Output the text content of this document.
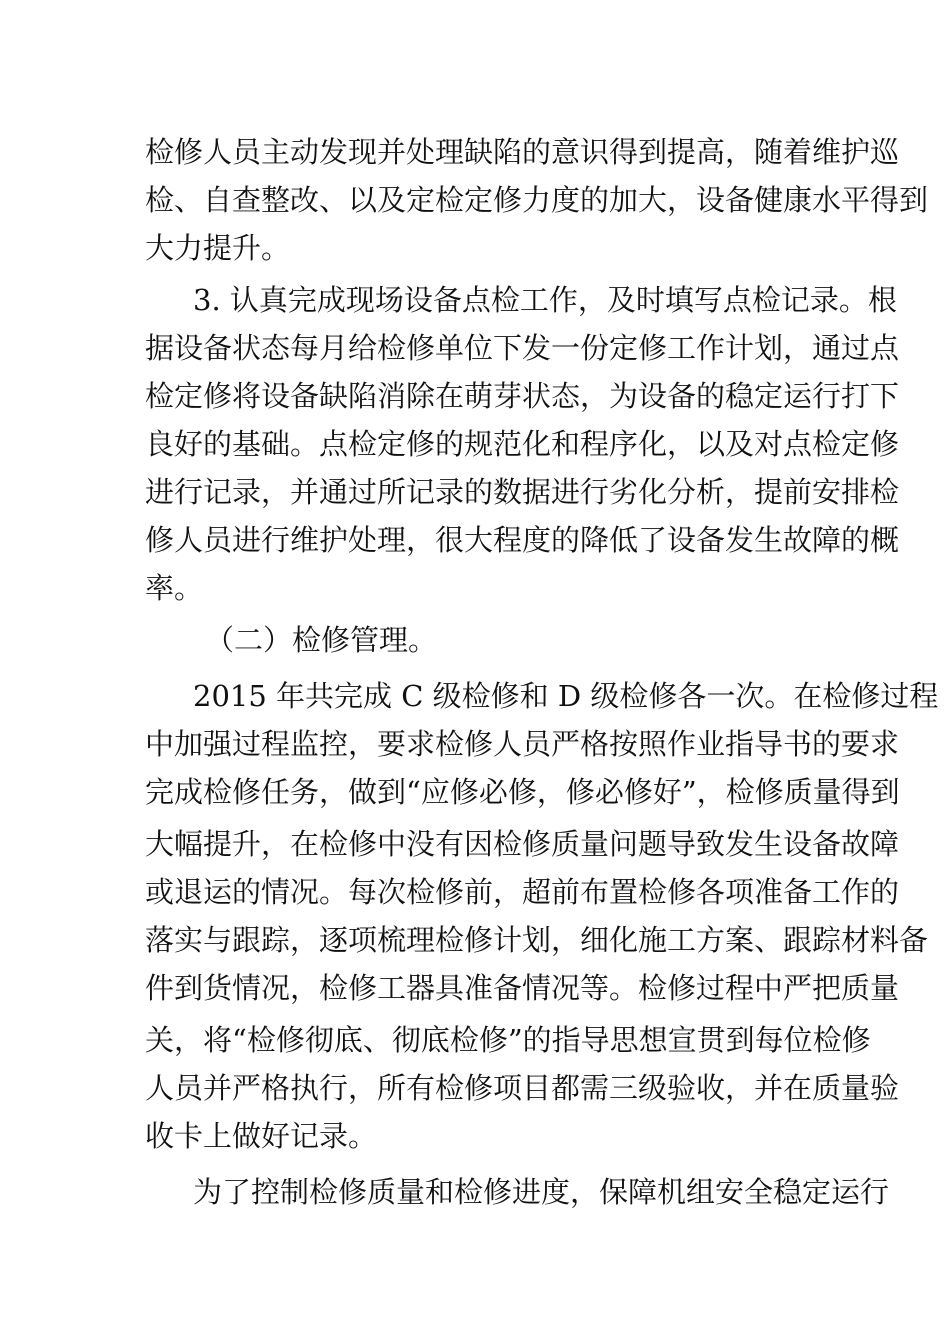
检修人员主动发现并处理缺陷的意识得到提高，随着维护巡
检、自查整改、以及定检定修力度的加大，设备健康水平得到
大力提升。
3. 认真完成现场设备点检工作，及时填写点检记录。根
据设备状态每月给检修单位下发一份定修工作计划，通过点
检定修将设备缺陷消除在萌芽状态，为设备的稳定运行打下
良好的基础。点检定修的规范化和程序化，以及对点检定修
进行记录，并通过所记录的数据进行劣化分析，提前安排检
修人员进行维护处理，很大程度的降低了设备发生故障的概
率。
（二）检修管理。
2015 年共完成 C 级检修和 D 级检修各一次。在检修过程
中加强过程监控，要求检修人员严格按照作业指导书的要求
完成检修任务，做到“应修必修，修必修好”，检修质量得到
大幅提升，在检修中没有因检修质量问题导致发生设备故障
或退运的情况。每次检修前，超前布置检修各项准备工作的
落实与跟踪，逐项梳理检修计划，细化施工方案、跟踪材料备
件到货情况，检修工器具准备情况等。检修过程中严把质量
关，将“检修彻底、彻底检修”的指导思想宣贯到每位检修
人员并严格执行，所有检修项目都需三级验收，并在质量验
收卡上做好记录。
为了控制检修质量和检修进度，保障机组安全稳定运行
